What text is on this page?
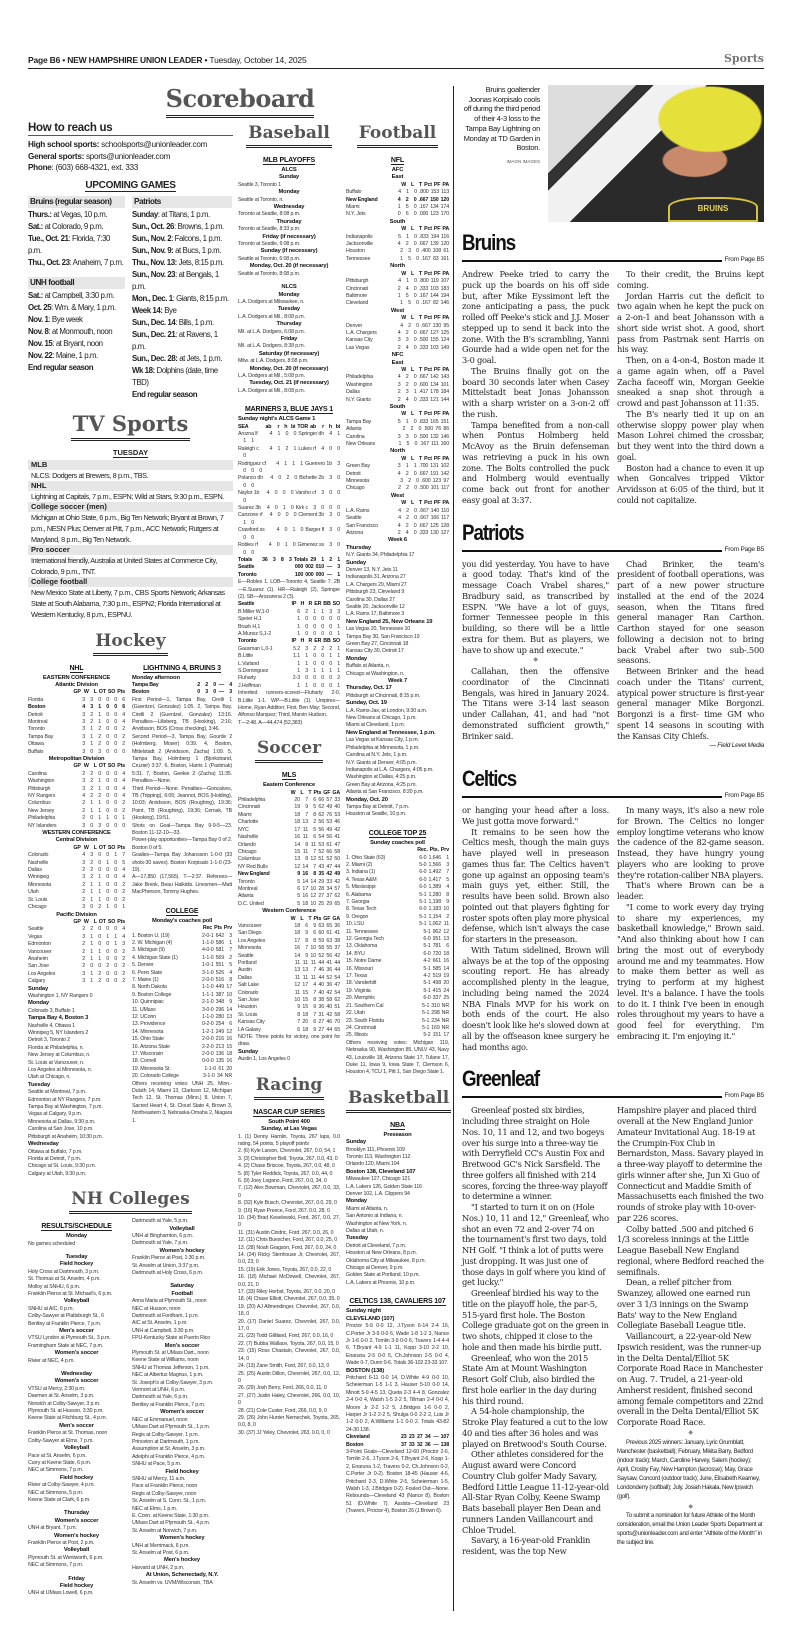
Page B6 • NEW HAMPSHIRE UNION LEADER • Tuesday, October 14, 2025	Sports
Scoreboard
How to reach us
High school sports: schoolsports@unionleader.com
General sports: sports@unionleader.com
Phone: (603) 668-4321, ext. 333
UPCOMING GAMES
Bruins (regular season)
Thurs.: at Vegas, 10 p.m.
Sat.: at Colorado, 9 p.m.
Tue., Oct. 21: Florida, 7:30 p.m.
Thu., Oct. 23: Anaheim, 7 p.m.
UNH football
Sat.: at Campbell, 3:30 p.m.
Oct. 25: Wm. & Mary, 1 p.m.
Nov. 1: Bye week
Nov. 8: at Monmouth, noon
Nov. 15: at Bryant, noon
Nov. 22: Maine, 1 p.m.
End regular season
Patriots
Sunday: at Titans, 1 p.m.
Sun., Oct. 26: Browns, 1 p.m.
Sun., Nov. 2: Falcons, 1 p.m.
Sun., Nov. 9: at Bucs, 1 p.m.
Thu., Nov. 13: Jets, 8:15 p.m.
Sun., Nov. 23: at Bengals, 1 p.m.
Mon., Dec. 1: Giants, 8:15 p.m.
Week 14: Bye
Sun., Dec. 14: Bills, 1 p.m.
Sun., Dec. 21: at Ravens, 1 p.m.
Sun., Dec. 28: at Jets, 1 p.m.
Wk 18: Dolphins (date, time TBD)
End regular season
TV Sports
TUESDAY
MLB
NLCS: Dodgers at Brewers, 8 p.m., TBS.
NHL
Lightning at Capitals, 7 p.m., ESPN; Wild at Stars, 9:30 p.m., ESPN.
College soccer (men)
Michigan at Ohio State, 6 p.m., Big Ten Network; Bryant at Brown, 7 p.m., NESN Plus; Denver at Pitt, 7 p.m., ACC Network; Rutgers at Maryland, 8 p.m., Big Ten Network.
Pro soccer
International friendly, Australia at United States at Commerce City, Colorado, 9 p.m., TNT.
College football
New Mexico State at Liberty, 7 p.m., CBS Sports Network; Arkansas State at South Alabama, 7:30 p.m., ESPN2; Florida International at Western Kentucky, 8 p.m., ESPNU.
Hockey
NHL
EASTERN CONFERENCE
Atlantic Division
GP W L OT SO Pts
Florida	3 3 0 0 0 6
Boston	4 3 1 0 0 6
Detroit	3 2 1 0 0 4
Montreal	3 2 1 0 0 4
Toronto	3 1 2 0 0 2
Tampa Bay	3 1 2 0 0 2
Ottawa	3 1 2 0 0 2
Buffalo	3 0 3 0 0 0
Metropolitan Division
GP W L OT SO Pts
Carolina	2 2 0 0 0 4
Washington	3 2 1 0 0 4
Pittsburgh	3 2 1 0 0 4
NY Rangers	4 2 2 0 0 4
Columbus	2 1 1 0 0 2
New Jersey	2 1 1 0 0 2
Philadelphia	2 0 1 1 0 1
NY Islanders	3 0 3 0 0 0
WESTERN CONFERENCE
Central Division
GP W L OT SO Pts
Colorado	4 3 0 0 1 7
Nashville	3 2 0 1 0 5
Dallas	2 2 0 0 0 4
Winnipeg	3 2 1 0 0 4
Minnesota	2 1 1 0 0 2
Utah	2 1 1 0 0 2
St. Louis	2 1 1 0 0 2
Chicago	3 0 2 1 0 1
Pacific Division
GP W L OT SO Pts
Seattle	2 2 0 0 0 4
Vegas	3 1 0 1 1 4
Edmonton	2 1 0 0 1 3
Vancouver	2 1 1 0 0 2
Anaheim	2 1 1 0 0 2
San Jose	2 0 0 2 0 2
Los Angeles	3 1 2 0 0 2
Calgary	3 1 2 0 0 2
Sunday
Washington 1, NY Rangers 0
Monday
Colorado 3, Buffalo 1
Tampa Bay 4, Boston 3
Nashville 4, Ottawa 1
Winnipeg 5, NY Islanders 2
Detroit 3, Toronto 2
Florida at Philadelphia, n.
New Jersey at Columbus, n.
St. Louis at Vancouver, n.
Los Angeles at Minnesota, n.
Utah at Chicago, n.
Tuesday
Seattle at Montreal, 7 p.m.
Edmonton at NY Rangers, 7 p.m.
Tampa Bay at Washington, 7 p.m.
Vegas at Calgary, 9 p.m.
Minnesota at Dallas, 9:30 p.m.
Carolina at San Jose, 10 p.m.
Pittsburgh at Anaheim, 10:30 p.m.
Wednesday
Ottawa at Buffalo, 7 p.m.
Florida at Detroit, 7 p.m.
Chicago at St. Louis, 9:30 p.m.
Calgary at Utah, 9:30 p.m.
LIGHTNING 4, BRUINS 3
Monday afternoon
Tampa Bay	2 2 0 — 4
Boston	0 3 0 — 3
First Period—1, Tampa Bay, Cirelli 1 (Guentzel, Gonzalez) 1:05. 2, Tampa Bay, Cirelli 2 (Guentzel, Gonzalez) 13:16. Penalties—Lilleberg, TB (Hooking), 2:16; Arvidsson, BOS (Cross checking), 3:46.
Second Period—3, Tampa Bay, Gourde 2 (Holmberg, Moser) 0:39. 4, Boston, Mittelstadt 2 (Arvidsson, Zacha) 1:09. 5, Tampa Bay, Holmberg 1 (Bjorkstrand, Cruzier) 3:37. 6, Boston, Harris 1 (Pastrnak) 5:31. 7, Boston, Geekie 2 (Zacha) 11:35. Penalties—None.
Third Period—None. Penalties—Goncalves, TB (Tripping), 6:05; Jeannot, BOS (Holding), 10:03; Arvidsson, BOS (Roughing), 19:36; Point, TB (Roughing), 19:36; Cernak, TB (Hooking), 19:51.
Shots on Goal—Tampa Bay 9-9-5—23. Boston 11-12-10—33.
Power-play opportunities—Tampa Bay 0 of 2. Boston 0 of 5.
Goalies—Tampa Bay Johansson 1-0-0 (33 shots-30 saves). Boston Korpisalo 1-1-0 (23-19).
A—17,850 (17,565). T—2:37. Referees—Jake Brenk, Beau Halkidis. Linesmen—Matt MacPherson, Tommy Hughes.
COLLEGE
Monday's coaches poll
Rec Pts Prv
1. Boston U. (19)	2-0-1 642 3
2. W. Michigan (4)	1-1-0 586 1
3. Michigan (9)	4-0-0 581 7
4. Michigan State (1)	1-1-0 569 2
5. Denver	1-0-1 551 5
6. Penn State	3-1-0 526 4
7. Maine (1)	2-0-0 516 8
8. North Dakota	1-1-0 449 17
9. Boston College	1-1-1 387 10
10. Quinnipiac	2-1-0 348 9
11. UMass	3-0-0 296 14
12. UConn	1-1-0 280 13
13. Providence	0-2-0 254 6
14. Minnesota	1-2-1 249 12
15. Ohio State	2-0-0 216 16
16. Arizona State	2-2-0 213 15
17. Wisconsin	2-0-0 136 18
18. Cornell	0-0-0 135 16
19. Minnesota St.	1-1-0 61 20
20. Colorado College	3-1-0 34 NR
Others receiving votes: UNH 25, Minn.-Duluth 14, Miami 13, Clarkson 12, Michigan Tech 12, St. Thomas (Minn.) 8, Union 7, Sacred Heart 4, St. Cloud State 4, Brown 3, Northeastern 3, Nebraska-Omaha 2, Niagara 1.
NH Colleges
RESULTS/SCHEDULE
Monday
No games scheduled
Tuesday
Field hockey
Holy Cross at Dartmouth, 3 p.m.
St. Thomas at St. Anselm, 4 p.m.
Molloy at SNHU, 6 p.m.
Franklin Pierce at St. Michael's, 6 p.m.
Volleyball
SNHU at AIC, 6 p.m.
Colby-Sawyer at Plattsburgh St., 6
Bentley at Franklin Pierce, 7 p.m.
Men's soccer
VTSU Lyndon at Plymouth St., 3 p.m.
Framingham State at NEC, 7 p.m.
Women's soccer
Rivier at NEC, 4 p.m.
Wednesday
Women's soccer
VTSU at Mercy, 2:30 p.m.
Daemen at St. Anselm, 3 p.m.
Norwich at Colby-Sawyer, 3 p.m.
Plymouth St. at Husson, 3:30 p.m.
Keene State at Fitchburg St., 4 p.m.
Men's soccer
Franklin Pierce at St. Thomas, noon
Colby-Sawyer at Elms, 7 p.m.
Volleyball
Pace at St. Anselm, 6 p.m.
Curry at Keene State, 6 p.m.
NEC at Simmons, 7 p.m.
Field hockey
Rivier at Colby-Sawyer, 4 p.m.
NEC at Simmons, 5 p.m.
Keene State at Clark, 6 p.m.
Thursday
Women's soccer
UNH at Bryant, 7 p.m.
Women's hockey
Franklin Pierce at Post, 2 p.m.
Volleyball
Plymouth St. at Wentworth, 6 p.m.
NEC at Simmons, 7 p.m.
Friday
Field hockey
UNH at UMass Lowell, 6 p.m.
Dartmouth at Yale, 5 p.m.
Volleyball
UNH at Binghamton, 6 p.m.
Dartmouth at Yale, 7 p.m.
Women's hockey
Franklin Pierce at Post, 1:30 p.m.
St. Anselm at Union, 3:37 p.m.
Dartmouth at Holy Cross, 6 p.m.
Saturday
Football
Anna Maria at Plymouth St., noon
NEC at Husson, noon
Dartmouth at Fordham, 1 p.m.
AIC at St. Anselm, 1 p.m.
UNH at Campbell, 3:30 p.m.
FPU-Kentucky State at Puerto Rico
Men's soccer
Plymouth St. at UMass Dart., noon
Keene State at Williams, noon
SNHU at Thomas Jefferson, 1 p.m.
NEC at Albertus Magnus, 1 p.m.
St. Joseph's at Colby-Sawyer, 3 p.m.
Vermont at UNH, 6 p.m.
Dartmouth at Yale, 6 p.m.
Bentley at Franklin Pierce, 7 p.m.
Women's soccer
NEC at Emmanuel, noon
UMass Dart at Plymouth St., 1 p.m.
Regis at Colby-Sawyer, 1 p.m.
Princeton at Dartmouth, 1 p.m.
Assumption at St. Anselm, 3 p.m.
Adelphi at Franklin Pierce, 4 p.m.
SNHU at Pace, 5 p.m.
Field hockey
SNHU at Mercy, 11 a.m.
Pace at Franklin Pierce, noon
Regis at Colby-Sawyer, noon
St. Anselm at S. Conn. St., 1 p.m.
NEC at Elms, 1 p.m.
E. Conn. at Keene State, 1:30 p.m.
UMass Dart at Plymouth St., 4 p.m.
St. Anselm at Norwich, 7 p.m.
Women's hockey
UNH at Merrimack, 6 p.m.
St. Anselm at Post, 6 p.m.
Men's hockey
Harvard at UNH, 2 p.m.
At Union, Schenectady, N.Y.
St. Anselm vs. UVM/Wisconsin, TBA
Baseball
MLB PLAYOFFS
ALCS
Sunday
Seattle 3, Toronto 1
Monday
Seattle at Toronto, n.
Wednesday
Toronto at Seattle, 8:08 p.m.
Thursday
Toronto at Seattle, 8:33 p.m.
Friday (if necessary)
Toronto at Seattle, 6:08 p.m.
Sunday (if necessary)
Seattle at Toronto, 6:08 p.m.
Monday, Oct. 20 (if necessary)
Seattle at Toronto, 8:08 p.m.
NLCS
Monday
L.A. Dodgers at Milwaukee, n.
Tuesday
L.A. Dodgers at Mil., 8:08 p.m.
Thursday
Mil. at L.A. Dodgers, 6:08 p.m.
Friday
Mil. at L.A. Dodgers, 8:38 p.m.
Saturday (if necessary)
Milw. at L.A. Dodgers, 8:08 p.m.
Monday, Oct. 20 (if necessary)
L.A. Dodgers at Mil., 5:08 p.m.
Tuesday, Oct. 21 (if necessary)
L.A. Dodgers at Mil., 8:08 p.m.
MARINERS 3, BLUE JAYS 1
Sunday night's ALCS Game 1
SEA	ab	r h bi TOR ab	r h bi
Arozna lf	4 1 0 0 Springer dh 4 1
1 1
Raleigh c	4 1 2 1 Lukes rf 4 0 0
0
Rodriguez cf	4 1 1 1 Guerrero 1b 3
0 0 0
Polanco dh	4 0 2 0 Bichette 2b 3 0
0 0
Naylor 1b	4 0 0 0 Varsho cf 3 0 0
0
Suarez 3b	4 0 1 0 Kirk c 3 0 0 0
Canzone rf	4 0 0 0 Clement 3b 3 0
1 0
Crawford ss	4 0 1 0 Barger lf 3 0
0 0
Robles rf	4 0 1 0 Gimenez ss 3 0
0 0
Totals	36 3 8 3 Totals 29 1 2 1
Seattle	000 002 010 — 3
Toronto	100 000 000 — 1
E—Robles 1. LOB—Toronto 4, Seattle 7. 2B—E.Suarez (1). HR—Raleigh (2), Springer (2). SB—Arozarena 2 (3).
Seattle	IP H R ER BB SO
B.Miller W,1-0	6 2 1 1 3 3
Speier H,1	1 0 0 0 0 0
Brash H,1	1 0 0 0 0 1
A.Munoz S,1-2	1 0 0 0 0 1
Toronto	IP H R ER BB SO
Gausman L,0-1	5.2 3 2 2 2 1
B.Little	1.1 1 0 0 1 1
L.Varland	1 1 0 0 0 1
S.Dominguez	1 3 1 1 1 1
Fluharty	2-3 0 0 0 0 2
J.Hoffman	1 1 0 0 0 1
Inherited runners-scored—Fluharty 2-0, B.Little 1-1. WP—B.Little (1). Umpires—Home, Ryan Additon; First, Ben May; Second, Alfonso Marquez; Third, Marvin Hudson.
T—2:48. A—44,474 (52,383)
Soccer
MLS
Eastern Conference
W L T Pts GF GA
Philadelphia	20 7 6 66 57 33
Cincinnati	19 9 5 62 49 40
Miami	18 7 8 62 76 53
Charlotte	18 13 2 56 53 46
NYC	17 11 5 56 49 42
Nashville	16 11 6 54 56 41
Orlando	14 8 11 53 61 47
Chicago	15 11 7 52 66 58
Columbus	13 8 12 51 52 50
NY Red Bulls	12 14 7 43 47 44
New England	9 16 8 35 42 49
Toronto	5 14 14 29 33 42
Montreal	6 17 10 28 34 57
Atlanta	5 16 12 27 37 62
D.C. United	5 18 10 25 29 65
Western Conference
W L T Pts GF GA
Vancouver	18 6 9 63 65 36
San Diego	18 9 6 60 61 41
Los Angeles	17 8 8 59 63 38
Minnesota	16 7 10 58 55 37
Seattle	14 9 10 52 56 42
Portland	11 11 11 44 41 44
Austin	13 13 7 46 36 44
Dallas	11 11 11 44 52 54
Salt Lake	12 17 4 40 36 47
Colorado	11 15 7 40 42 54
San Jose	10 15 8 38 58 62
Houston	9 15 9 36 40 51
St. Louis	8 18 7 31 42 58
Kansas City	7 20 6 27 46 70
LA Galaxy	6 18 9 27 44 65
NOTE: Three points for victory, one point for draw.
Sunday
Austin 1, Los Angeles 0
Racing
NASCAR CUP SERIES
South Point 400
Sunday, at Las Vegas
1. (1) Denny Hamlin, Toyota, 267 laps, 0.0 rating, 54 points, 5 playoff points
2. (6) Kyle Larson, Chevrolet, 267, 0.0, 54, 1
3. (3) Christopher Bell, Toyota, 267, 0.0, 43, 0
4. (2) Chase Briscoe, Toyota, 267, 0.0, 48, 0
5. (8) Tyler Reddick, Toyota, 267, 0.0, 44, 0
6. (9) Joey Logano, Ford, 267, 0.0, 34, 0
7. (12) Alex Bowman, Chevrolet, 267, 0.0, 33, 0
8. (32) Kyle Busch, Chevrolet, 267, 0.0, 29, 0
9. (16) Ryan Preece, Ford, 267, 0.0, 28, 0
10. (34) Brad Keselowski, Ford, 267, 0.0, 27, 0
11. (31) Austin Cindric, Ford, 267, 0.0, 26, 0
12. (11) Chris Buescher, Ford, 267, 0.0, 25, 0
13. (28) Noah Gragson, Ford, 267, 0.0, 24, 0
14. (24) Ricky Stenhouse Jr, Chevrolet, 267, 0.0, 23, 0
15. (19) Erik Jones, Toyota, 267, 0.0, 22, 0
16. (18) Michael McDowell, Chevrolet, 267, 0.0, 21, 0
17. (33) Riley Herbst, Toyota, 267, 0.0, 20, 0
18. (4) Chase Elliott, Chevrolet, 267, 0.0, 35, 0
19. (20) AJ Allmendinger, Chevrolet, 267, 0.0, 18, 0
20. (17) Daniel Suarez, Chevrolet, 267, 0.0, 17, 0
21. (23) Todd Gilliland, Ford, 267, 0.0, 16, 0
22. (7) Bubba Wallace, Toyota, 267, 0.0, 15, 0
23. (15) Ross Chastain, Chevrolet, 267, 0.0, 14, 0
24. (13) Zane Smith, Ford, 267, 0.0, 13, 0
25. (25) Austin Dillon, Chevrolet, 267, 0.0, 12, 0
26. (29) Josh Berry, Ford, 266, 0.0, 11, 0
27. (27) Justin Haley, Chevrolet, 266, 0.0, 10, 0
28. (21) Cole Custer, Ford, 266, 0.0, 9, 0
29. (26) John Hunter Nemechek, Toyota, 265, 0.0, 8, 0
30. (37) JJ Yeley, Chevrolet, 263, 0.0, 0, 0
Football
NFL
AFC
East
W L T Pct PF PA
Buffalo	4 1 0 .800 153 113
New England	4 2 0 .667 150 120
Miami	1 5 0 .167 134 174
N.Y. Jets	0 6 0 .000 123 170
South
W L T Pct PF PA
Indianapolis	5 1 0 .833 194 116
Jacksonville	4 2 0 .667 139 120
Houston	2 3 0 .400 108 61
Tennessee	1 5 0 .167 83 161
North
W L T Pct PF PA
Pittsburgh	4 1 0 .800 119 107
Cincinnati	2 4 0 .333 103 183
Baltimore	1 5 0 .167 144 194
Cleveland	1 5 0 .167 82 146
West
W L T Pct PF PA
Denver	4 2 0 .667 130 95
L.A. Chargers	4 2 0 .667 127 125
Kansas City	3 3 0 .500 155 124
Las Vegas	2 4 0 .333 103 149
NFC
East
W L T Pct PF PA
Philadelphia	4 2 0 .667 142 143
Washington	3 2 0 .600 134 101
Dallas	2 3 1 .417 178 184
N.Y. Giants	2 4 0 .333 121 144
South
W L T Pct PF PA
Tampa Bay	5 1 0 .833 165 151
Atlanta	2 2 0 .500 76 86
Carolina	3 3 0 .500 132 146
New Orleans	1 5 0 .167 111 160
North
W L T Pct PF PA
Green Bay	3 1 1 .700 131 102
Detroit	4 2 0 .667 191 142
Minnesota	3 2 0 .600 123 97
Chicago	2 2 0 .500 101 117
West
W L T Pct PF PA
L.A. Rams	4 2 0 .667 140 110
Seattle	4 2 0 .667 166 117
San Francisco	4 2 0 .667 125 128
Arizona	2 4 0 .333 130 127
Week 6
Thursday
N.Y. Giants 34, Philadelphia 17
Sunday
Denver 13, N.Y. Jets 11
Indianapolis 31, Arizona 27
L.A. Chargers 29, Miami 27
Pittsburgh 23, Cleveland 9
Carolina 30, Dallas 27
Seattle 20, Jacksonville 12
L.A. Rams 17, Baltimore 3
New England 25, New Orleans 19
Las Vegas 20, Tennessee 10
Tampa Bay 30, San Francisco 19
Green Bay 27, Cincinnati 18
Kansas City 30, Detroit 17
Monday
Buffalo at Atlanta, n.
Chicago at Washington, n.
Week 7
Thursday, Oct. 17
Pittsburgh at Cincinnati, 8:15 p.m.
Sunday, Oct. 19
L.A. Rams-Jax, at London, 9:30 a.m.
New Orleans at Chicago, 1 p.m.
Miami at Cleveland, 1 p.m.
New England at Tennessee, 1 p.m.
Las Vegas at Kansas City, 1 p.m.
Philadelphia at Minnesota, 1 p.m.
Carolina at N.Y. Jets, 1 p.m.
N.Y. Giants at Denver, 4:05 p.m.
Indianapolis at L.A. Chargers, 4:05 p.m.
Washington at Dallas, 4:25 p.m.
Green Bay at Arizona, 4:25 p.m.
Atlanta at San Francisco, 8:20 p.m.
Monday, Oct. 20
Tampa Bay at Detroit, 7 p.m.
Houston at Seattle, 10 p.m.
COLLEGE TOP 25
Sunday coaches poll
Rec. Pts. Prv
1. Ohio State (63)	6-0 1,646 1
2. Miami (2)	5-0 1,566 3
3. Indiana (1)	6-0 1,492 7
4. Texas A&M	6-0 1,417 5
5. Mississippi	6-0 1,389 4
6. Alabama	5-1 1,280 8
7. Georgia	5-1 1,198 9
8. Texas Tech	6-0 1,183 10
9. Oregon	5-1 1,154 2
10. LSU	5-1 1,062 11
11. Tennessee	5-1 962 12
12. Georgia Tech	6-0 951 13
13. Oklahoma	5-1 781 6
14. BYU	6-0 720 18
15. Notre Dame	4-2 661 16
16. Missouri	5-1 585 14
17. Texas	4-2 519 19
18. Vanderbilt	5-1 498 20
19. Virginia	5-1 415 24
20. Memphis	6-0 337 25
21. Southern Cal	5-1 310 NR
22. Utah	5-1 298 NR
23. South Florida	5-1 234 NR
24. Cincinnati	5-1 169 NR
25. Illinois	5-2 151 17
Others receiving votes: Michigan 119, Nebraska 90, Washington 85, UNLV 43, Navy 43, Louisville 18, Arizona State 17, Tulane 17, Duke 11, Iowa 9, Iowa State 7, Clemson 6, Houston 4, TCU 1, Pitt 1, San Diego State 1.
Basketball
NBA
Preseason
Sunday
Brooklyn 111, Phoenix 109
Toronto 113, Washington 112
Orlando 120, Miami 104
Boston 138, Cleveland 107
Milwaukee 127, Chicago 121
L.A. Lakers 126, Golden State 116
Denver 102, L.A. Clippers 94
Monday
Miami at Atlanta, n.
San Antonio at Indiana, n.
Washington at New York, n.
Dallas at Utah, n.
Tuesday
Detroit at Cleveland, 7 p.m.
Houston at New Orleans, 8 p.m.
Oklahoma City at Milwaukee, 8 p.m.
Chicago at Denver, 9 p.m.
Golden State at Portland, 10 p.m.
L.A. Lakers at Phoenix, 10 p.m.
CELTICS 138, CAVALIERS 107
Sunday night
CLEVELAND (107)
Proctor 5-9 0-0 12, J.Tyson 6-14 2-4 16, C.Porter Jr 3-9 0-0 6, Wade 1-8 1-2 3, Nance Jr 1-6 0-0 2, Tomlin 3-9 0-0 6, Travers 1-4 4-4 6, T.Bryant 4-9 1-1 11, Kopp 3-10 2-2 10, Enaruna 2-5 0-0 5, Ch.Johnson 2-5 0-0 4, Wade 0-7, Dunn 0-6. Totals 36-102 23-33 107.
BOSTON (138)
Pritchard 6-11 0-0 14, D.White 4-9 0-0 10, Scheierman 1-5 1-1 3, Hauser 5-10 0-0 14, Minott 5-9 4-5 13, Queta 2-3 4-4 8, Gonzalez 2-4 0-0 4, Walsh 1-5 2-2 5, Tillman 2-4 0-0 4, Moore Jr 2-2 1-2 5, J.Bridges 1-6 0-0 2, Harper Jr 1-2 2-2 5, Shulga 0-0 2-2 2, Luis Jr 1-2 0-0 2, A.Williams 1-1 0-0 2. Totals 43-82 24-30 138.
Cleveland	23 23 27 34 — 107
Boston	37 33 32 36 — 138
3-Point Goals—Cleveland 12-60 (Proctor 2-6, Tomlin 2-6, J.Tyson 2-6, T.Bryant 2-6, Kopp 1-2, Enaruna 1-2, Travers 0-2, Ch.Johnson 0-2, C.Porter Jr 0-2). Boston 18-45 (Hauser 4-6, Pritchard 2-3, D.White 2-5, Scheierman 1-5, Walsh 1-3, J.Bridges 0-2). Fouled Out—None. Rebounds—Cleveland 43 (Nance 8), Boston 51 (D.White 7). Assists—Cleveland 23 (Travers, Proctor 4), Boston 26 (J.Brown 6).
Bruins goaltender Joonas Korpisalo cools off during the third period of their 4-3 loss to the Tampa Bay Lightning on Monday at TD Garden in Boston.
IMAGN IMAGES
BRUINS
Bruins
From Page B5
Andrew Peeke tried to carry the puck up the boards on his off side but, after Mike Eyssimont left the zone anticipating a pass, the puck rolled off Peeke's stick and J.J. Moser stepped up to send it back into the zone. With the B's scrambling, Yanni Gourde had a wide open net for the 3-0 goal.
The Bruins finally got on the board 30 seconds later when Casey Mittelstadt beat Jonas Johansson with a sharp wrister on a 3-on-2 off the rush.
Tampa benefited from a non-call when Pontus Holmberg held McAvoy as the Bruin defenseman was retrieving a puck in his own zone. The Bolts controlled the puck and Holmberg would eventually come back out front for another easy goal at 3:37.
To their credit, the Bruins kept coming.
Jordan Harris cut the deficit to two again when he kept the puck on a 2-on-1 and beat Johansson with a short side wrist shot. A good, short pass from Pastrnak sent Harris on his way.
Then, on a 4-on-4, Boston made it a game again when, off a Pavel Zacha faceoff win, Morgan Geekie sneaked a snap shot through a crowd and past Johansson at 11:35.
The B's nearly tied it up on an otherwise sloppy power play when Mason Lohrei chimed the crossbar, but they went into the third down a goal.
Boston had a chance to even it up when Goncalves tripped Viktor Arvidsson at 6:05 of the third, but it could not capitalize.
Patriots
From Page B5
you did yesterday. You have to have a good today. That's kind of the message Coach Vrabel shares," Bradbury said, as transcribed by ESPN. "We have a lot of guys, former Tennessee people in this building, so there will be a little extra for them. But as players, we have to show up and execute."
◆
Callahan, then the offensive coordinator of the Cincinnati Bengals, was hired in January 2024. The Titans were 3-14 last season under Callahan, 41, and had "not demonstrated sufficient growth," Brinker said.
Chad Brinker, the team's president of football operations, was part of a new power structure installed at the end of the 2024 season, when the Titans fired general manager Ran Carthon. Carthon stayed for one season following a decision not to bring back Vrabel after two sub-.500 seasons.
Between Brinker and the head coach under the Titans' current, atypical power structure is first-year general manager Mike Borgonzi. Borgonzi is a first- time GM who spent 14 seasons in scouting with the Kansas City Chiefs.
— Field Level Media
Celtics
From Page B5
or hanging your head after a loss. We just gotta move forward."
It remains to be seen how the Celtics mesh, though the main guys have played well in preseason games thus far. The Celtics haven't gone up against an opposing team's main guys yet, either. Still, the results have been solid. Brown also pointed out that players fighting for roster spots often play more physical defense, which isn't always the case for starters in the preseason.
With Tatum sidelined, Brown will always be at the top of the opposing scouting report. He has already accomplished plenty in the league, including being named the 2024 NBA Finals MVP for his work on both ends of the court. He also doesn't look like he's slowed down at all by the offseason knee surgery he had months ago.
In many ways, it's also a new role for Brown. The Celtics no longer employ longtime veterans who know the cadence of the 82-game season. Instead, they have hungry young players who are looking to prove they're rotation-caliber NBA players.
That's where Brown can be a leader.
"I come to work every day trying to share my experiences, my basketball knowledge," Brown said. "And also thinking about how I can bring the most out of everybody around me and my teammates. How to make them better as well as trying to perform at my highest level. It's a balance. I have the tools to do it. I think I've been in enough roles throughout my years to have a good feel for everything. I'm embracing it. I'm enjoying it."
Greenleaf
From Page B5
Greenleaf posted six birdies, including three straight on Hole Nos. 10, 11 and 12, and two bogeys over his surge into a three-way tie with Derryfield CC's Austin Fox and Bretwood GC's Nick Sarsfield. The three golfers all finished with 214 scores, forcing the three-way playoff to determine a winner.
"I started to turn it on on (Hole Nos.) 10, 11 and 12," Greenleaf, who shot an even 72 and 2-over 74 on the tournament's first two days, told NH Golf. "I think a lot of putts were just dropping. It was just one of those days in golf where you kind of get lucky."
Greenleaf birdied his way to the title on the playoff hole, the par-5, 515-yard first hole. The Boston College graduate got on the green in two shots, chipped it close to the hole and then made his birdie putt.
Greenleaf, who won the 2015 State Am at Mount Washington Resort Golf Club, also birdied the first hole earlier in the day during his third round.
A 54-hole championship, the Stroke Play featured a cut to the low 40 and ties after 36 holes and was played on Bretwood's South Course.
Other athletes considered for the August award were Concord Country Club golfer Mady Savary, Bedford Little League 11-12-year-old All-Star Ryan Colby, Keene Swamp Bats baseball player Ben Dean and runners Landen Vaillancourt and Chloe Trudel.
Savary, a 16-year-old Franklin resident, was the top New Hampshire player and placed third overall at the New England Junior Amateur Invitational Aug. 18-19 at the Crumpin-Fox Club in Bernardston, Mass. Savary played in a three-way playoff to determine the girls winner after she, Jun Xi Guo of Connecticut and Maddie Smith of Massachusetts each finished the two rounds of stroke play with 10-over-par 226 scores.
Colby batted .500 and pitched 6 1/3 scoreless innings at the Little League Baseball New England regional, where Bedford reached the semifinals.
Dean, a relief pitcher from Swanzey, allowed one earned run over 3 1/3 innings on the Swamp Bats' way to the New England Collegiate Baseball League title.
Vaillancourt, a 22-year-old New Ipswich resident, was the runner-up in the Delta Dental/Elliot 5K Corporate Road Race in Manchester on Aug. 7. Trudel, a 21-year-old Amherst resident, finished second among female competitors and 22nd overall in the Delta Dental/Elliot 5K Corporate Road Race.
◆
Previous 2025 winners: January, Lyric Grumblatt, Manchester (basketball); February, Mikita Barry, Bedford (indoor track); March, Caroline Harvey, Salem (hockey); April, Crosby Fay, New Hampton (lacrosse); May, Grace Saysaw, Concord (outdoor track); June, Elisabeth Kearney, Londonderry (softball); July, Josiah Hakala, New Ipswich (golf).
◆
To submit a nomination for future Athlete of the Month consideration, email the Union Leader Sports Department at sports@unionleader.com and enter "Athlete of the Month" in the subject line.
